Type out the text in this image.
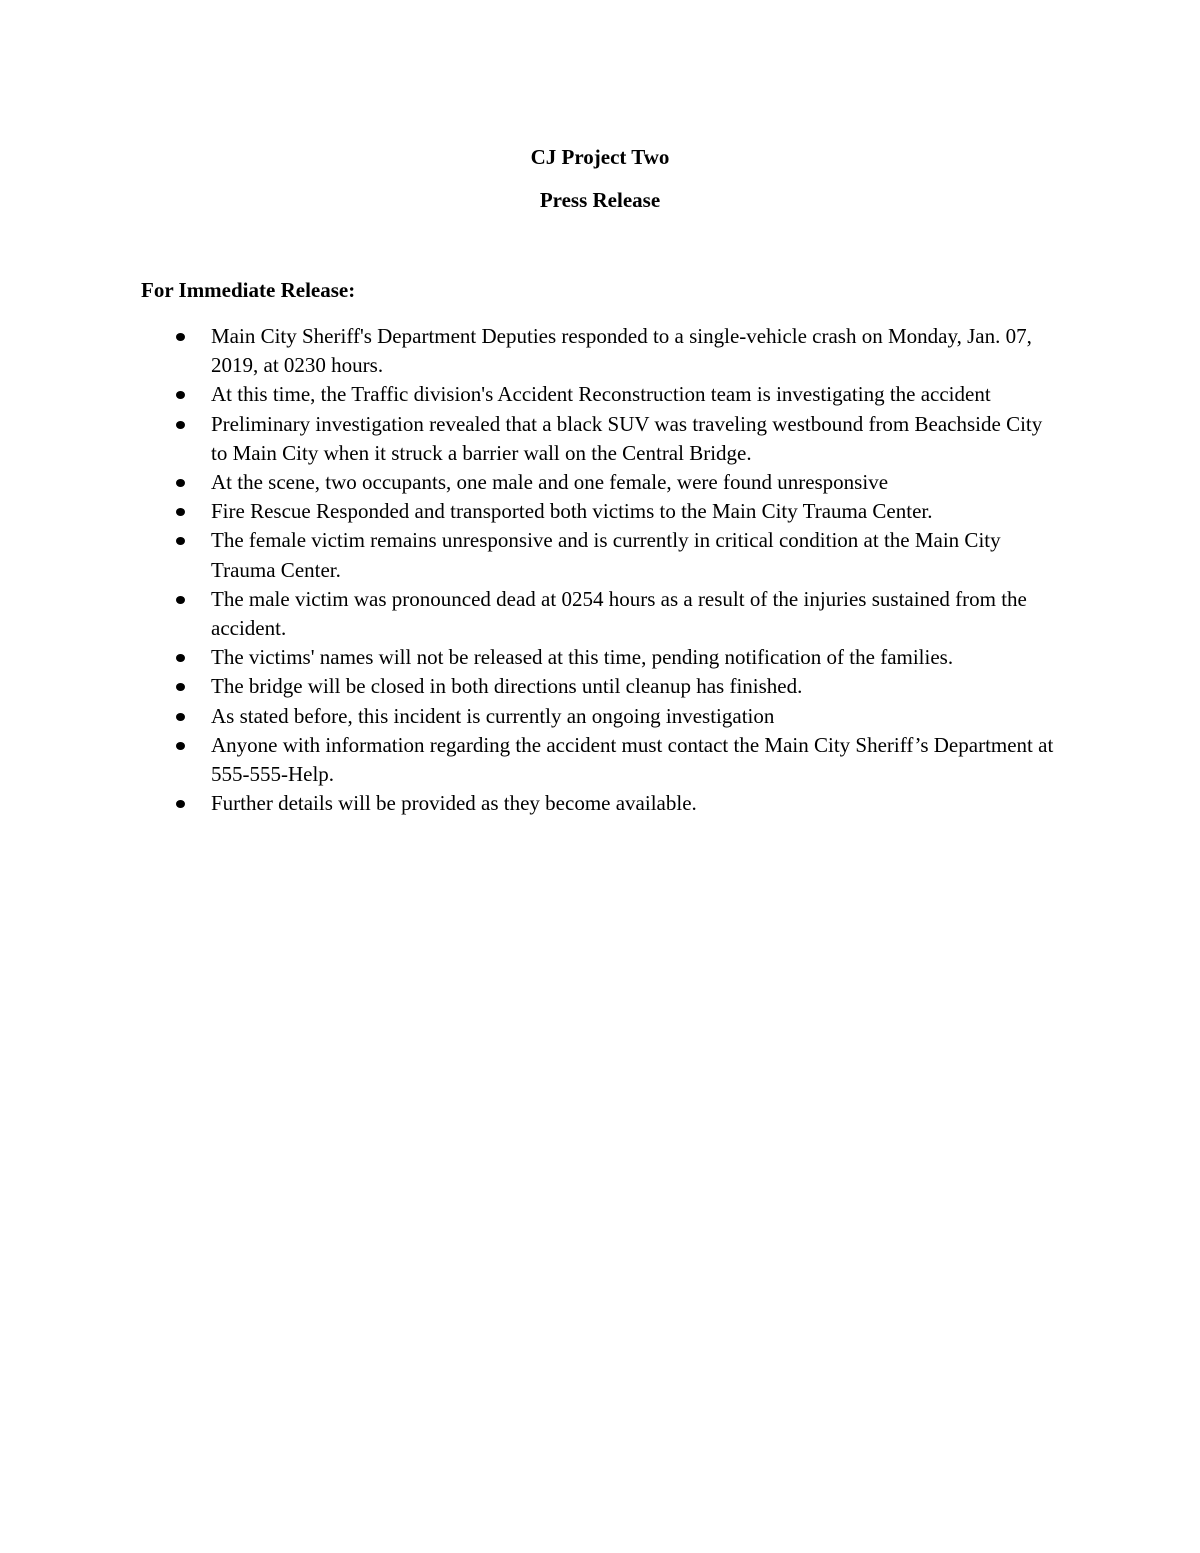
CJ Project Two
Press Release

For Immediate Release:

Main City Sheriff's Department Deputies responded to a single-vehicle crash on Monday, Jan. 07, 2019, at 0230 hours.
At this time, the Traffic division's Accident Reconstruction team is investigating the accident
Preliminary investigation revealed that a black SUV was traveling westbound from Beachside City to Main City when it struck a barrier wall on the Central Bridge.
At the scene, two occupants, one male and one female, were found unresponsive
Fire Rescue Responded and transported both victims to the Main City Trauma Center.
The female victim remains unresponsive and is currently in critical condition at the Main City Trauma Center.
The male victim was pronounced dead at 0254 hours as a result of the injuries sustained from the accident.
The victims' names will not be released at this time, pending notification of the families.
The bridge will be closed in both directions until cleanup has finished.
As stated before, this incident is currently an ongoing investigation
Anyone with information regarding the accident must contact the Main City Sheriff’s Department at 555-555-Help.
Further details will be provided as they become available.
